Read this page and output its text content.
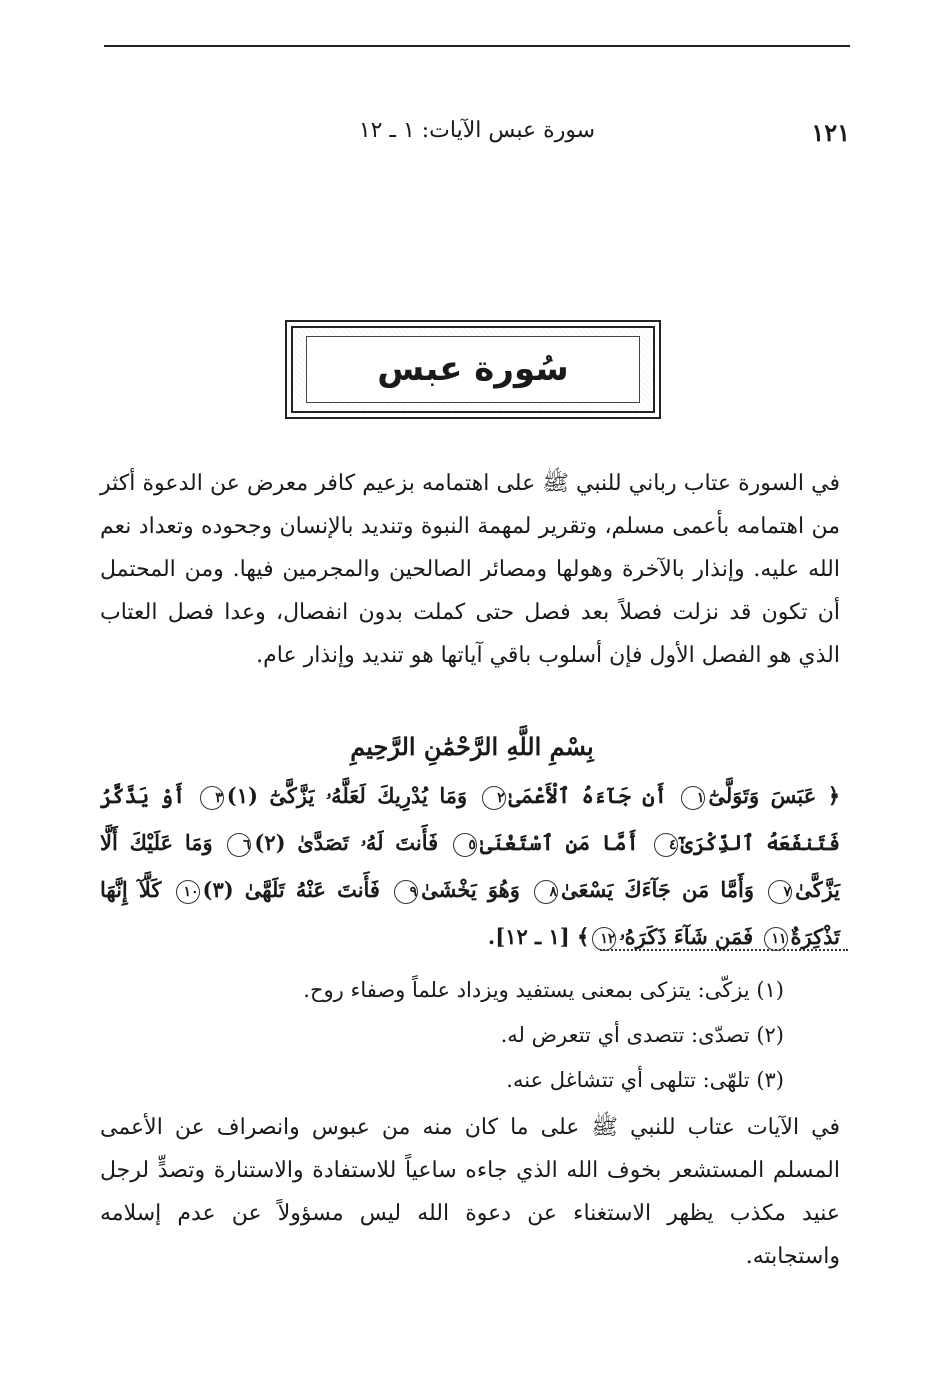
١٢١
سورة عبس الآيات: ١ ـ ١٢
سُورة عبس

في السورة عتاب رباني للنبي ﷺ على اهتمامه بزعيم كافر معرض عن الدعوة أكثر من اهتمامه بأعمى مسلم، وتقرير لمهمة النبوة وتنديد بالإنسان وجحوده وتعداد نعم الله عليه. وإنذار بالآخرة وهولها ومصائر الصالحين والمجرمين فيها. ومن المحتمل أن تكون قد نزلت فصلاً بعد فصل حتى كملت بدون انفصال، وعدا فصل العتاب الذي هو الفصل الأول فإن أسلوب باقي آياتها هو تنديد وإنذار عام.

بِسْمِ اللَّهِ الرَّحْمَٰنِ الرَّحِيمِ
﴿ عَبَسَ وَتَوَلَّىٰٓ١ أَن جَآءَهُ ٱلْأَعْمَىٰ٢ وَمَا يُدْرِيكَ لَعَلَّهُۥ يَزَّكَّىٰٓ (١)٣ أَوْ يَذَّكَّرُ فَتَنفَعَهُ ٱلذِّكْرَىٰٓ٤ أَمَّا مَنِ ٱسْتَغْنَىٰ٥ فَأَنتَ لَهُۥ تَصَدَّىٰ (٢)٦ وَمَا عَلَيْكَ أَلَّا يَزَّكَّىٰ٧ وَأَمَّا مَن جَآءَكَ يَسْعَىٰ٨ وَهُوَ يَخْشَىٰ٩ فَأَنتَ عَنْهُ تَلَهَّىٰ (٣)١٠ كَلَّآ إِنَّهَا تَذْكِرَةٌ١١ فَمَن شَآءَ ذَكَرَهُۥ١٢﴾ [١ ـ ١٢].
(١) يزكّى: يتزكى بمعنى يستفيد ويزداد علماً وصفاء روح.
(٢) تصدّى: تتصدى أي تتعرض له.
(٣) تلهّى: تتلهى أي تتشاغل عنه.

في الآيات عتاب للنبي ﷺ على ما كان منه من عبوس وانصراف عن الأعمى المسلم المستشعر بخوف الله الذي جاءه ساعياً للاستفادة والاستنارة وتصدٍّ لرجل عنيد مكذب يظهر الاستغناء عن دعوة الله ليس مسؤولاً عن عدم إسلامه واستجابته.
